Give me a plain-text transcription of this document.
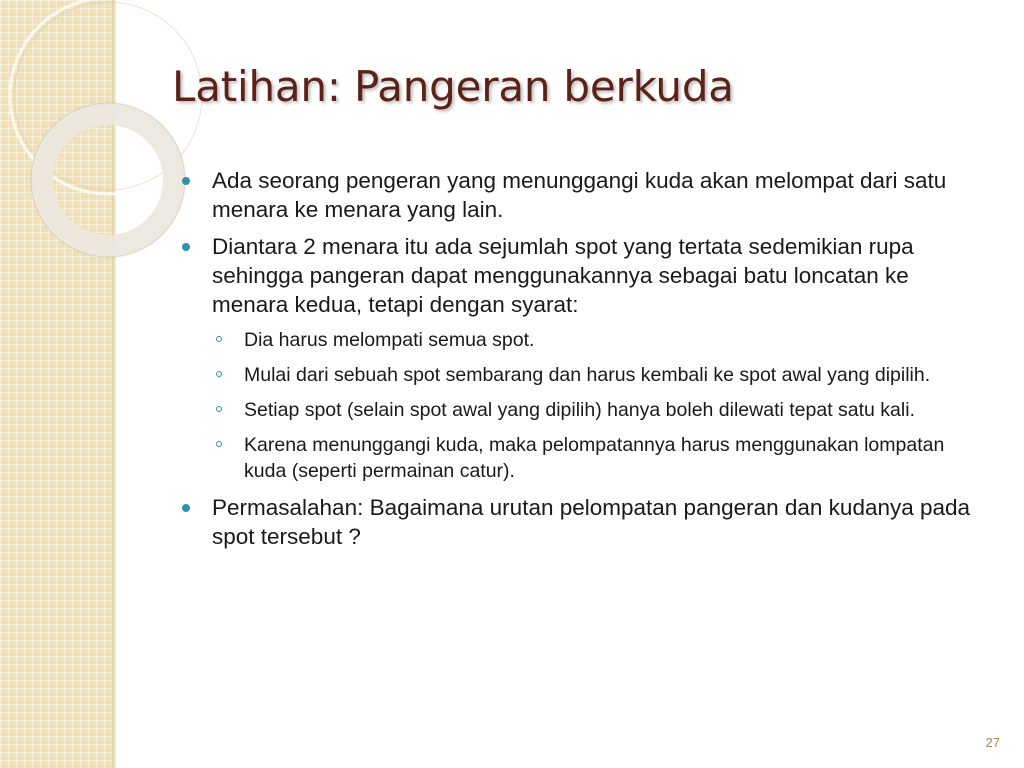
Latihan: Pangeran berkuda
Ada seorang pengeran yang menunggangi kuda akan melompat dari satu menara ke menara yang lain.
Diantara 2 menara itu ada sejumlah spot yang tertata sedemikian rupa sehingga pangeran dapat menggunakannya sebagai batu loncatan ke menara kedua, tetapi dengan syarat:
Dia harus melompati semua spot.
Mulai dari sebuah spot sembarang dan harus kembali ke spot awal yang dipilih.
Setiap spot (selain spot awal yang dipilih) hanya boleh dilewati tepat satu kali.
Karena menunggangi kuda, maka pelompatannya harus menggunakan lompatan kuda (seperti permainan catur).
Permasalahan: Bagaimana urutan pelompatan pangeran dan kudanya pada spot tersebut ?
27
